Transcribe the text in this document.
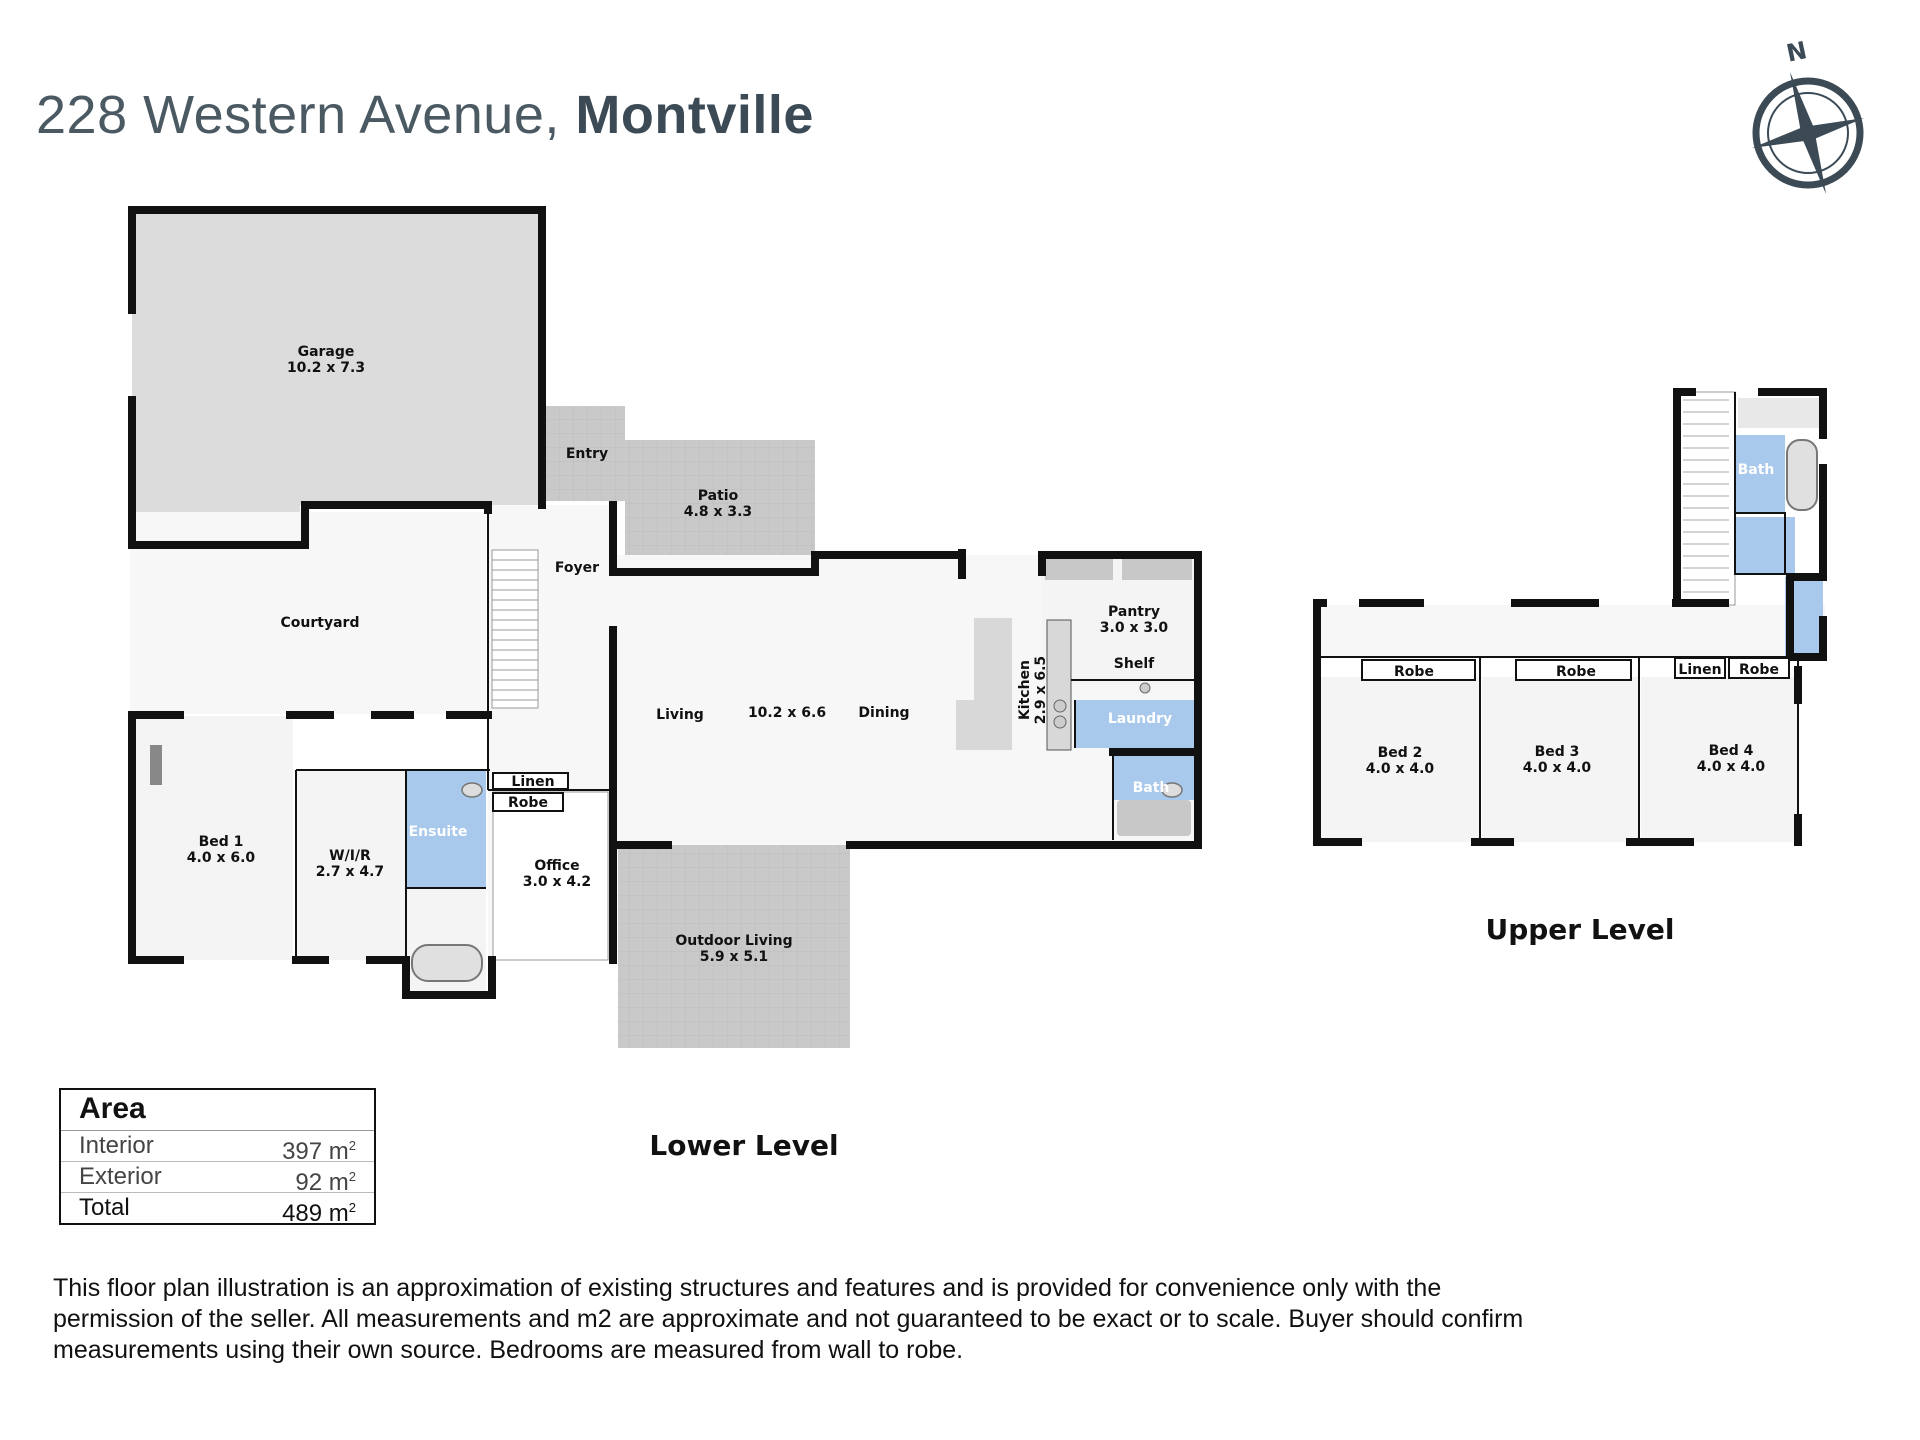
228 Western Avenue, Montville
N
Garage
10.2 x 7.3
Entry
Patio
4.8 x 3.3
Foyer
Courtyard
Living	10.2 x 6.6 Dining	Kitchen 2.9 x 6.5
Pantry
3.0 x 3.0
Shelf
Laundry
Bath
Bed 1
4.0 x 6.0	W/I/R
2.7 x 4.7
Ensuite
Linen
Robe
Office
3.0 x 4.2
Outdoor Living
5.9 x 5.1
Robe	Robe	Linen Robe
Bath
Bed 2
4.0 x 4.0
Bed 3
4.0 x 4.0
Bed 4
4.0 x 4.0
Lower Level
Upper Level
Area
Interior	397 $m^2$
Exterior	92 $m^2$
Total	489 $m^2$
This floor plan illustration is an approximation of existing structures and features and is provided for convenience only with the permission of the seller. All measurements and m2 are approximate and not guaranteed to be exact or to scale. Buyer should confirm measurements using their own source. Bedrooms are measured from wall to robe.
